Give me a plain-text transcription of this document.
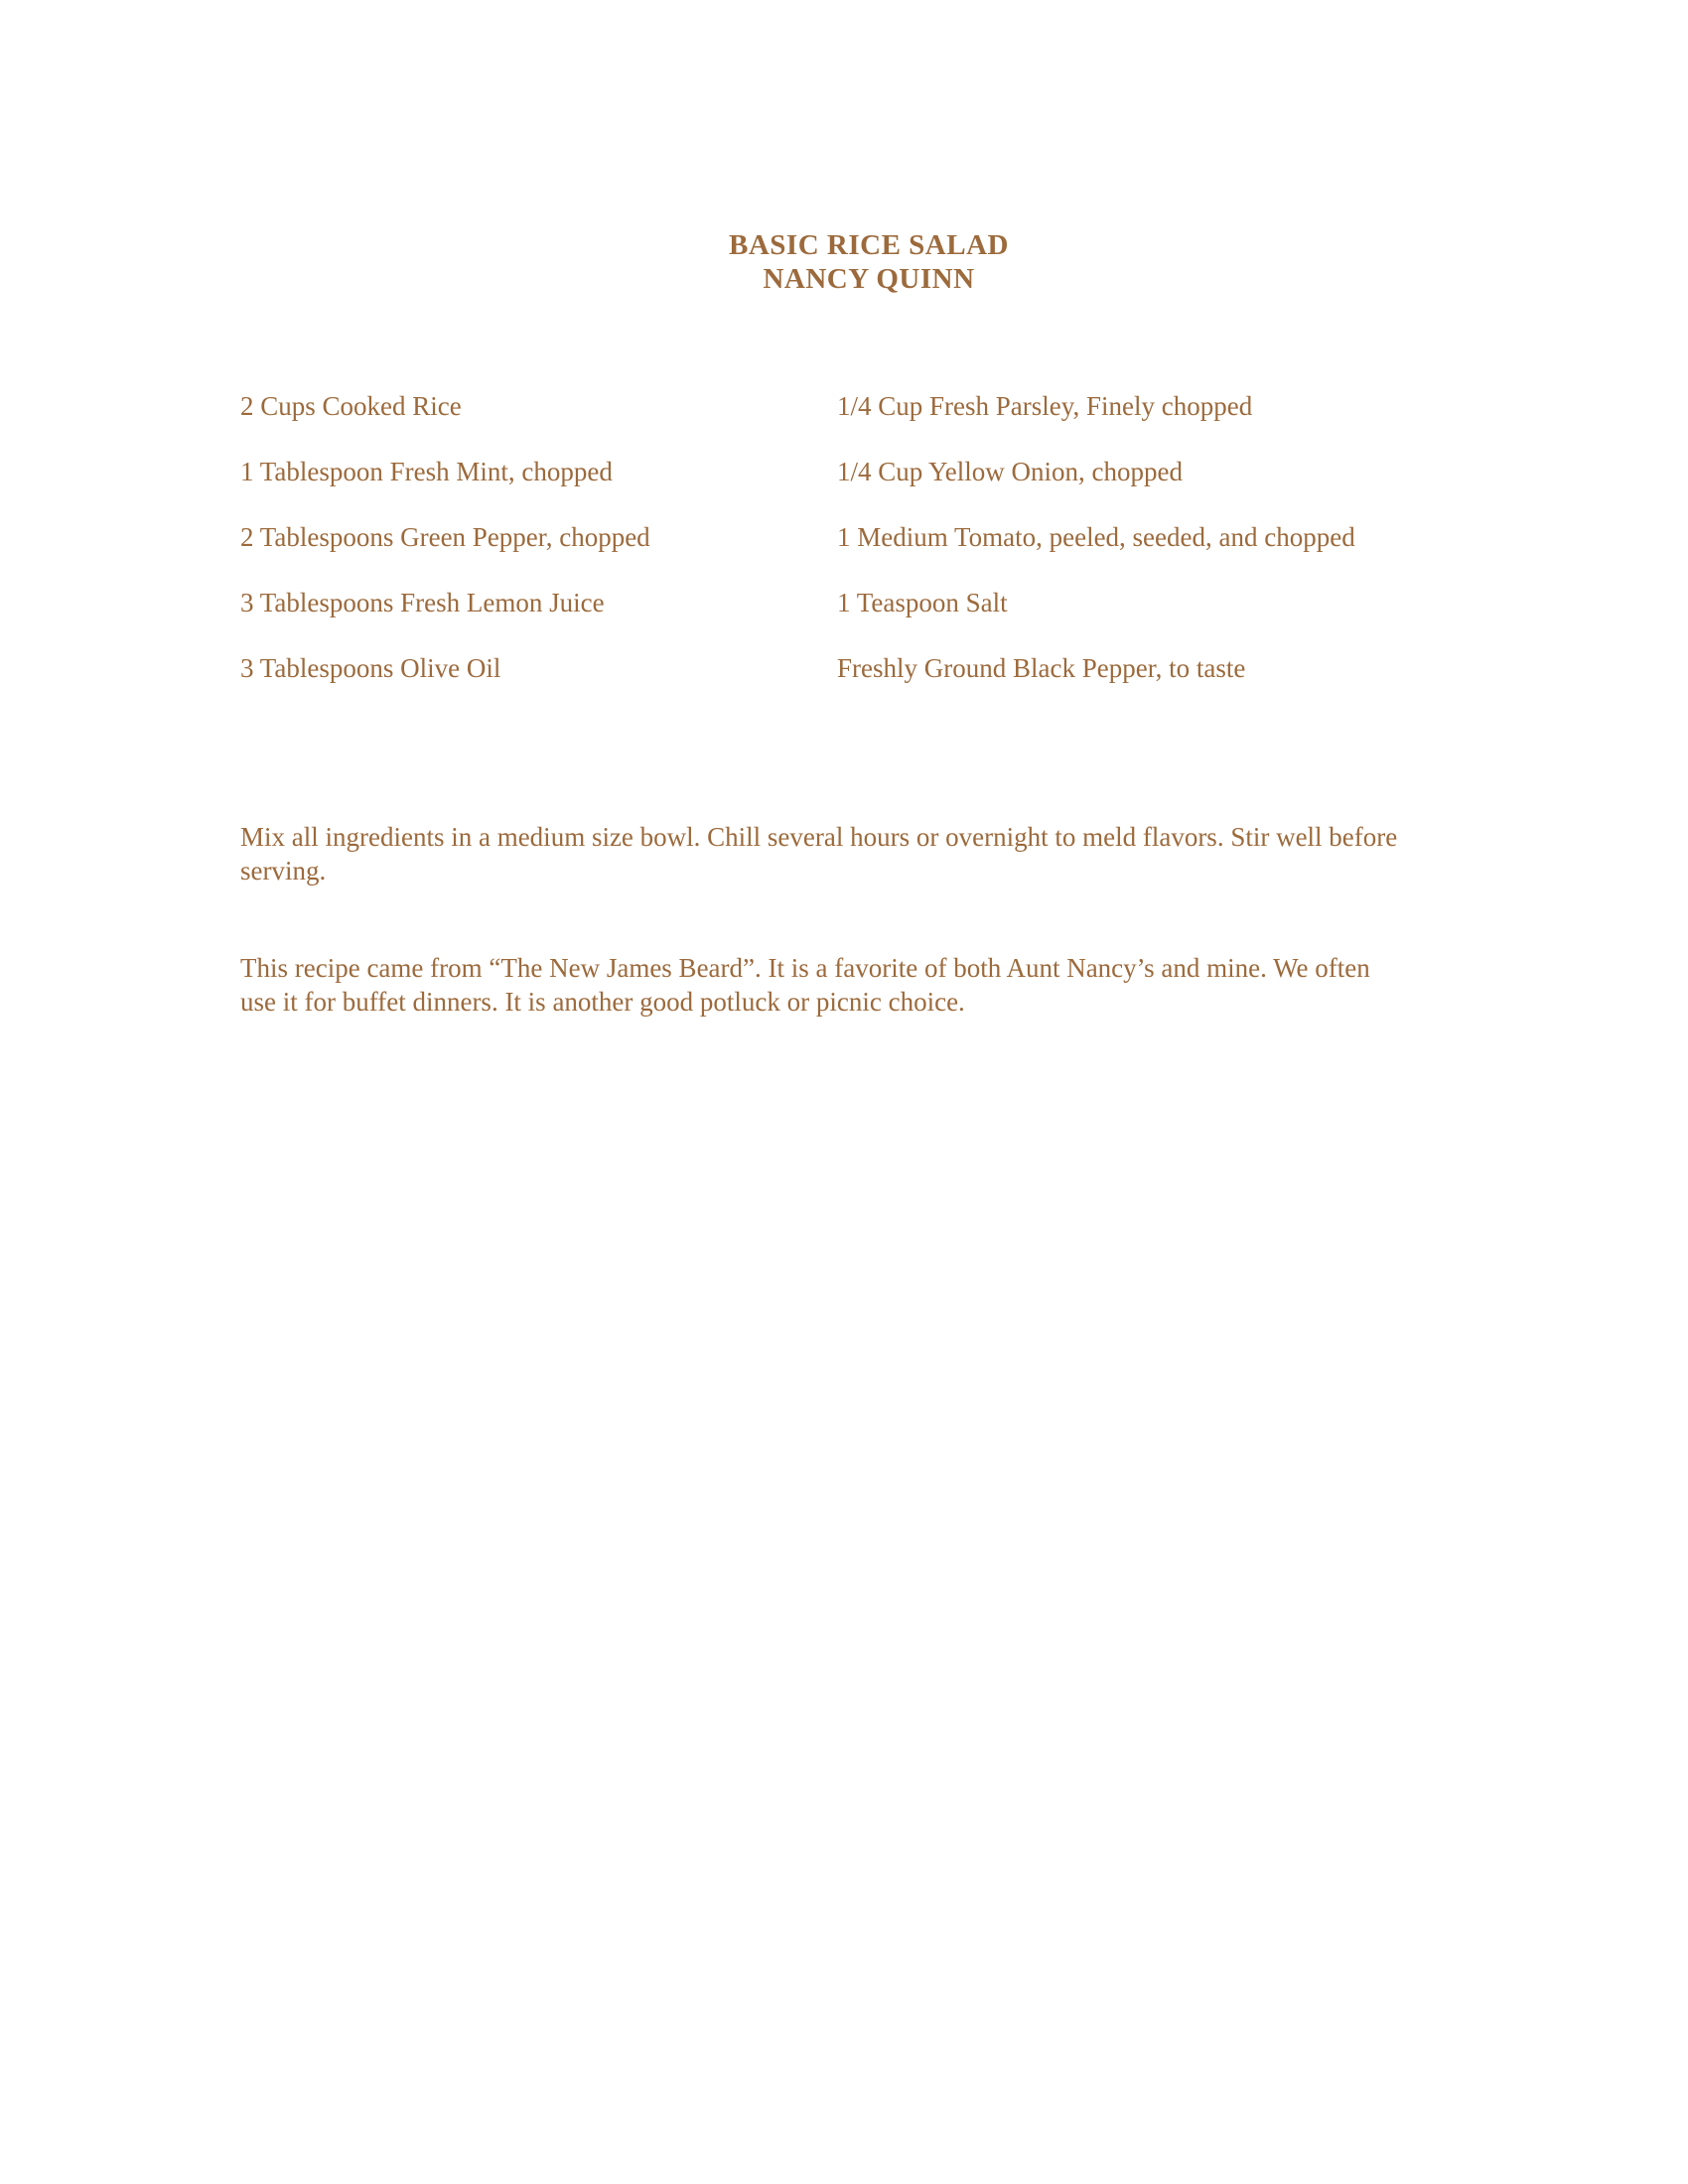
BASIC RICE SALAD
NANCY QUINN
2 Cups Cooked Rice	1/4 Cup Fresh Parsley, Finely chopped
1 Tablespoon Fresh Mint, chopped	1/4 Cup Yellow Onion, chopped
2 Tablespoons Green Pepper, chopped	1 Medium Tomato, peeled, seeded, and chopped
3 Tablespoons Fresh Lemon Juice	1 Teaspoon Salt
3 Tablespoons Olive Oil	Freshly Ground Black Pepper, to taste

Mix all ingredients in a medium size bowl. Chill several hours or overnight to meld flavors. Stir well before serving.

This recipe came from “The New James Beard”. It is a favorite of both Aunt Nancy’s and mine. We often use it for buffet dinners. It is another good potluck or picnic choice.
